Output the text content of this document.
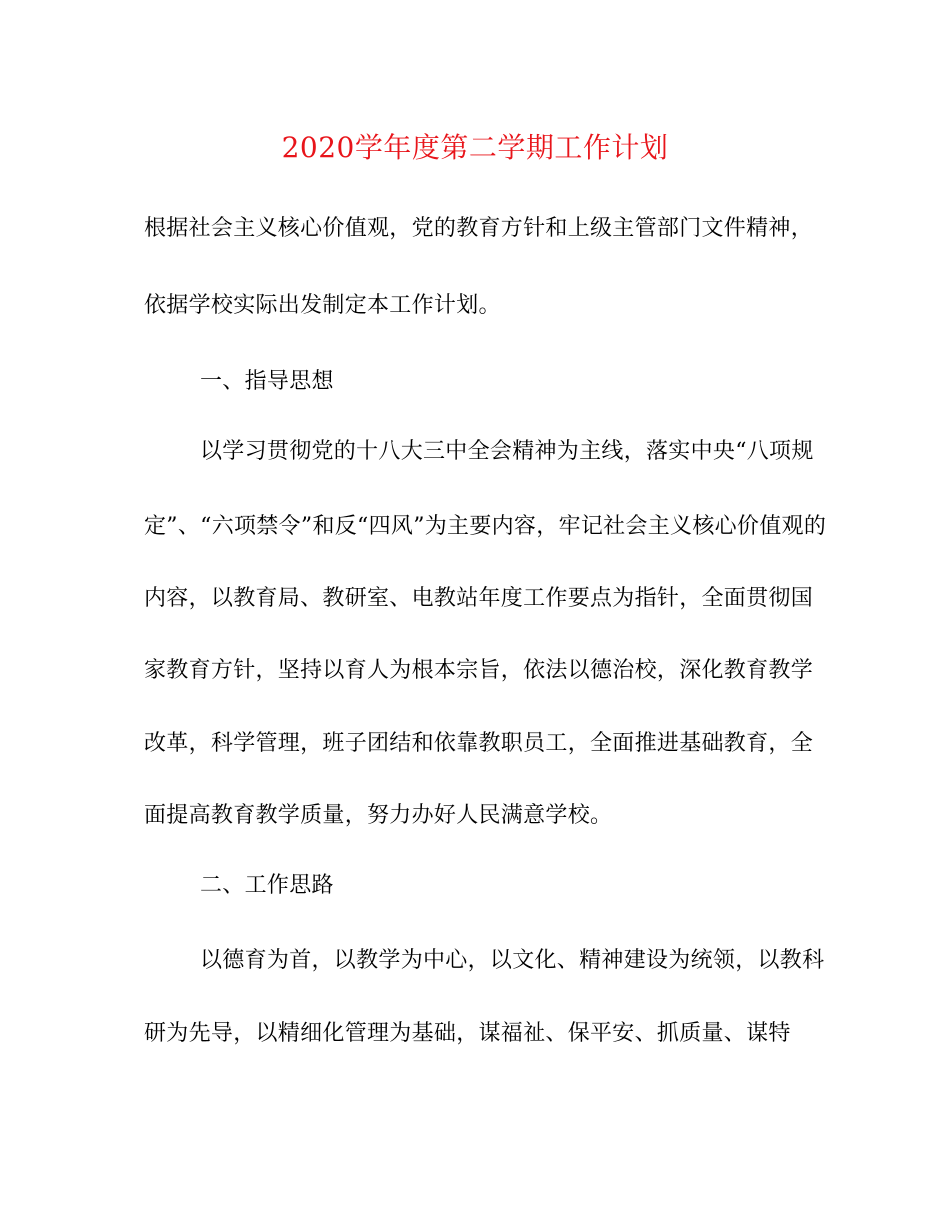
2020学年度第二学期工作计划
根据社会主义核心价值观，党的教育方针和上级主管部门文件精神，
依据学校实际出发制定本工作计划。
一、指导思想
以学习贯彻党的十八大三中全会精神为主线，落实中央“八项规
定”、“六项禁令”和反“四风”为主要内容，牢记社会主义核心价值观的
内容，以教育局、教研室、电教站年度工作要点为指针，全面贯彻国
家教育方针，坚持以育人为根本宗旨，依法以德治校，深化教育教学
改革，科学管理，班子团结和依靠教职员工，全面推进基础教育，全
面提高教育教学质量，努力办好人民满意学校。
二、工作思路
以德育为首，以教学为中心，以文化、精神建设为统领，以教科
研为先导，以精细化管理为基础，谋福祉、保平安、抓质量、谋特
